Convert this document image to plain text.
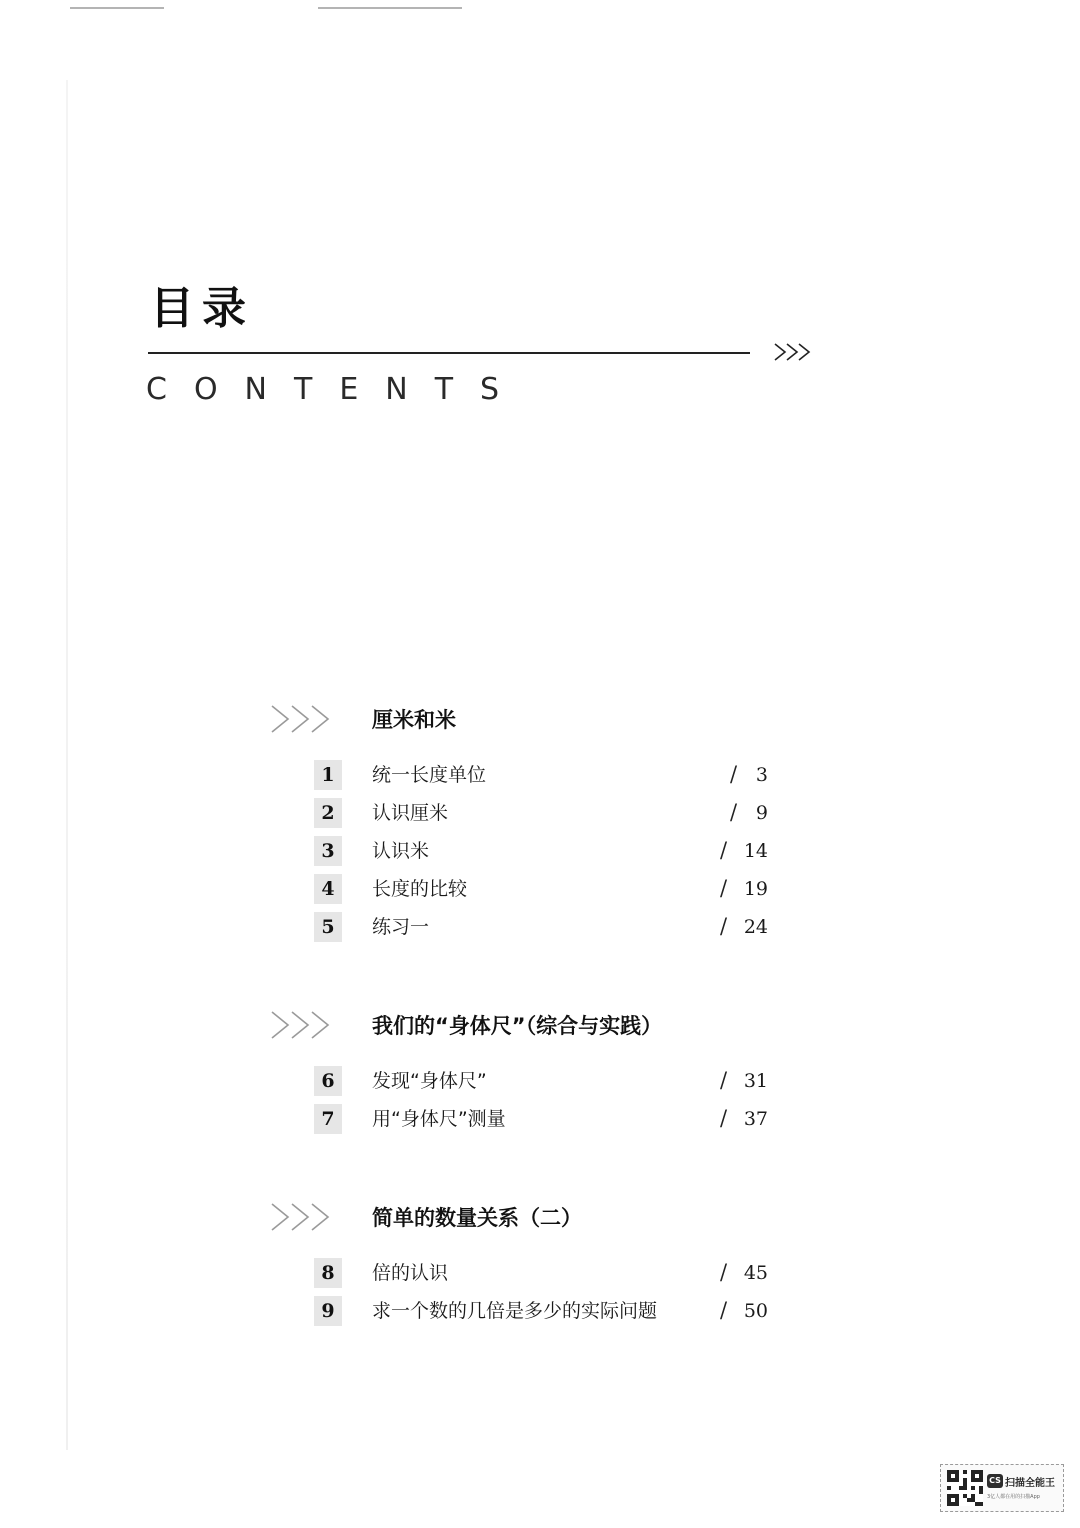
目录
CONTENTS
厘米和米
1	统一长度单位	/ 3
2	认识厘米	/ 9
3	认识米	/ 14
4	长度的比较	/ 19
5	练习一	/ 24
我们的“身体尺”（综合与实践）
6	发现“身体尺”	/ 31
7	用“身体尺”测量	/ 37
简单的数量关系（二）
8	倍的认识	/ 45
9	求一个数的几倍是多少的实际问题	/ 50
CS 扫描全能王
3亿人都在用的扫描App
